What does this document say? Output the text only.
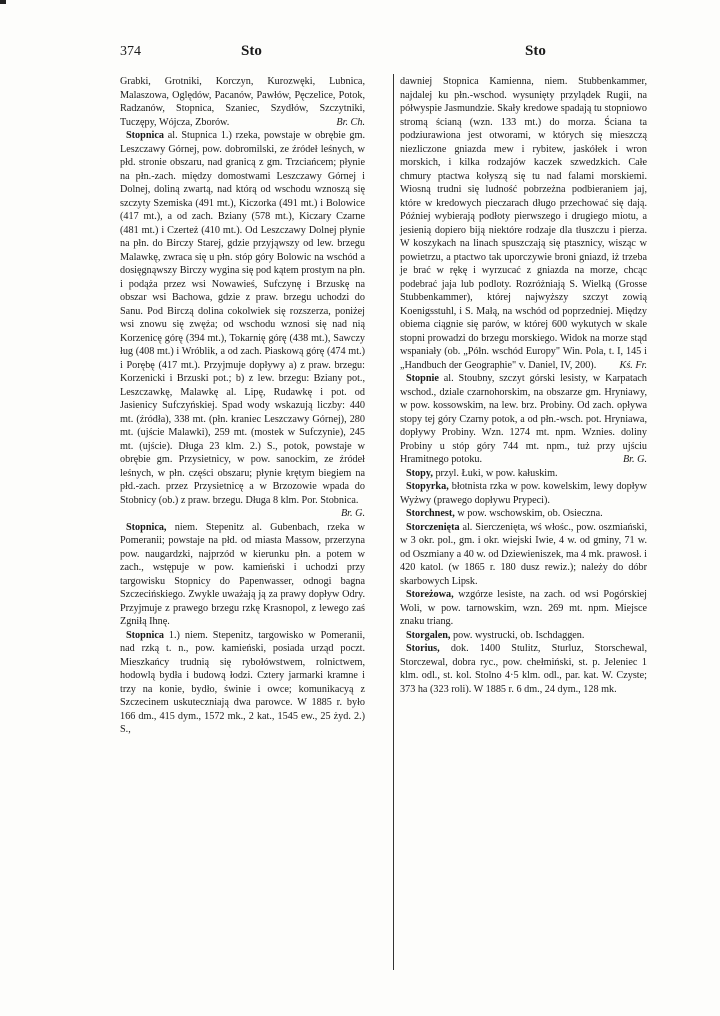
374	Sto	Sto

Grabki, Grotniki, Korczyn, Kurozwęki, Lubnica, Malaszowa, Oględów, Pacanów, Pawłów, Pęczelice, Potok, Radzanów, Stopnica, Szaniec, Szydłów, Szczytniki, Tuczępy, Wójcza, Zborów.	Br. Ch.

Stopnica al. Stupnica 1.) rzeka, powstaje w obrębie gm. Leszczawy Górnej, pow. dobromilski, ze źródeł leśnych, w płd. stronie obszaru, nad granicą z gm. Trzciańcem; płynie na płn.-zach. między domostwami Leszczawy Górnej i Dolnej, doliną zwartą, nad którą od wschodu wznoszą się szczyty Szemiska (491 mt.), Kiczorka (491 mt.) i Bolowice (417 mt.), a od zach. Bziany (578 mt.), Kiczary Czarne (481 mt.) i Czerteż (410 mt.). Od Leszczawy Dolnej płynie na płn. do Birczy Starej, gdzie przyjąwszy od lew. brzegu Malawkę, zwraca się u płn. stóp góry Bolowic na wschód a dosięgnąwszy Birczy wygina się pod kątem prostym na płn. i podąża przez wsi Nowawieś, Sufczynę i Brzuskę na obszar wsi Bachowa, gdzie z praw. brzegu uchodzi do Sanu. Pod Birczą dolina cokolwiek się rozszerza, poniżej wsi znowu się zwęża; od wschodu wznosi się nad nią Korzenicę górę (394 mt.), Tokarnię górę (438 mt.), Sawczy ług (408 mt.) i Wróblik, a od zach. Piaskową górę (474 mt.) i Porębę (417 mt.). Przyjmuje dopływy a) z praw. brzegu: Korzenicki i Brzuski pot.; b) z lew. brzegu: Bziany pot., Leszczawkę, Malawkę al. Lipę, Rudawkę i pot. od Jasienicy Sufczyńskiej. Spad wody wskazują liczby: 440 mt. (źródła), 338 mt. (płn. kraniec Leszczawy Górnej), 280 mt. (ujście Malawki), 259 mt. (mostek w Sufczynie), 245 mt. (ujście). Długa 23 klm. 2.) S., potok, powstaje w obrębie gm. Przysietnicy, w pow. sanockim, ze źródeł leśnych, w płn. części obszaru; płynie krętym biegiem na płd.-zach. przez Przysietnicę a w Brzozowie wpada do Stobnicy (ob.) z praw. brzegu. Długa 8 klm. Por. Stobnica.
Br. G.

Stopnica, niem. Stepenitz al. Gubenbach, rzeka w Pomeranii; powstaje na płd. od miasta Massow, przerzyna pow. naugardzki, najprzód w kierunku płn. a potem w zach., wstępuje w pow. kamieński i uchodzi przy targowisku Stopnicy do Papenwasser, odnogi bagna Szczecińskiego. Zwykle uważają ją za prawy dopływ Odry. Przyjmuje z prawego brzegu rzkę Krasnopol, z lewego zaś Zgniłą Ihnę.

Stopnica 1.) niem. Stepenitz, targowisko w Pomeranii, nad rzką t. n., pow. kamieński, posiada urząd poczt. Mieszkańcy trudnią się rybołówstwem, rolnictwem, hodowlą bydła i budową łodzi. Cztery jarmarki kramne i trzy na konie, bydło, świnie i owce; komunikacyą z Szczecinem uskuteczniają dwa parowce. W 1885 r. było 166 dm., 415 dym., 1572 mk., 2 kat., 1545 ew., 25 żyd. 2.) S.,

dawniej Stopnica Kamienna, niem. Stubbenkammer, najdalej ku płn.-wschod. wysunięty przylądek Rugii, na półwyspie Jasmundzie. Skały kredowe spadają tu stopniowo stromą ścianą (wzn. 133 mt.) do morza. Ściana ta podziurawiona jest otworami, w których się mieszczą niezliczone gniazda mew i rybitew, jaskółek i wron morskich, i kilka rodzajów kaczek szwedzkich. Całe chmury ptactwa kołyszą się tu nad falami morskiemi. Wiosną trudni się ludność pobrzeżna podbieraniem jaj, które w kredowych pieczarach długo przechować się dają. Później wybierają podłoty pierwszego i drugiego miotu, a jesienią dopiero biją niektóre rodzaje dla tłuszczu i pierza. W koszykach na linach spuszczają się ptasznicy, wisząc w powietrzu, a ptactwo tak uporczywie broni gniazd, iż trzeba je brać w rękę i wyrzucać z gniazda na morze, chcąc podebrać jaja lub podloty. Rozróżniają S. Wielką (Grosse Stubbenkammer), której najwyższy szczyt zowią Koenigsstuhl, i S. Małą, na wschód od poprzedniej. Między obiema ciągnie się parów, w której 600 wykutych w skale stopni prowadzi do brzegu morskiego. Widok na morze stąd wspaniały (ob. „Półn. wschód Europy" Win. Pola, t. I, 145 i „Handbuch der Geographie" v. Daniel, IV, 200). Kś. Fr.

Stopnie al. Stoubny, szczyt górski lesisty, w Karpatach wschod., dziale czarnohorskim, na obszarze gm. Hryniawy, w pow. kossowskim, na lew. brz. Probiny. Od zach. opływa stopy tej góry Czarny potok, a od płn.-wsch. pot. Hryniawa, dopływy Probiny. Wzn. 1274 mt. npm. Wznies. doliny Probiny u stóp góry 744 mt. npm., tuż przy ujściu Hramitnego potoku.	Br. G.

Stopy, przyl. Łuki, w pow. kałuskim.

Stopyrka, błotnista rzka w pow. kowelskim, lewy dopływ Wyżwy (prawego dopływu Prypeci).

Storchnest, w pow. wschowskim, ob. Osieczna.

Storczenięta al. Sierczenięta, wś włośc., pow. oszmiański, w 3 okr. pol., gm. i okr. wiejski Iwie, 4 w. od gminy, 71 w. od Oszmiany a 40 w. od Dziewieniszek, ma 4 mk. prawosł. i 420 katol. (w 1865 r. 180 dusz rewiz.); należy do dóbr skarbowych Lipsk.

Storeżowa, wzgórze lesiste, na zach. od wsi Pogórskiej Woli, w pow. tarnowskim, wzn. 269 mt. npm. Miejsce znaku triang.

Storgalen, pow. wystrucki, ob. Ischdaggen.

Storius, dok. 1400 Stulitz, Sturluz, Storschewal, Storczewal, dobra ryc., pow. chełmiński, st. p. Jeleniec 1 klm. odl., st. kol. Stolno 4·5 klm. odl., par. kat. W. Czyste; 373 ha (323 roli). W 1885 r. 6 dm., 24 dym., 128 mk.
